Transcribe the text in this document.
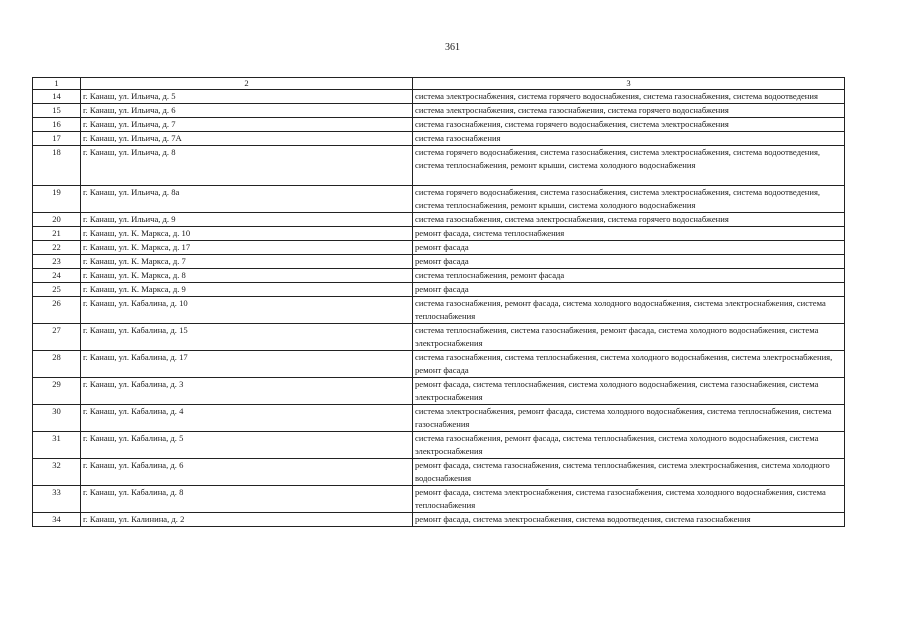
361
1	2	3
14	г. Канаш, ул. Ильича, д. 5	система электроснабжения, система горячего водоснабжения, система газоснабжения, система водоотведения
15	г. Канаш, ул. Ильича, д. 6	система электроснабжения, система газоснабжения, система горячего водоснабжения
16	г. Канаш, ул. Ильича, д. 7	система газоснабжения, система горячего водоснабжения, система электроснабжения
17	г. Канаш, ул. Ильича, д. 7А	система газоснабжения
18	г. Канаш, ул. Ильича, д. 8	система горячего водоснабжения, система газоснабжения, система электроснабжения, система водоотведения, система теплоснабжения, ремонт крыши, система холодного водоснабжения
19	г. Канаш, ул. Ильича, д. 8а	система горячего водоснабжения, система газоснабжения, система электроснабжения, система водоотведения, система теплоснабжения, ремонт крыши, система холодного водоснабжения
20	г. Канаш, ул. Ильича, д. 9	система газоснабжения, система электроснабжения, система горячего водоснабжения
21	г. Канаш, ул. К. Маркса, д. 10	ремонт фасада, система теплоснабжения
22	г. Канаш, ул. К. Маркса, д. 17	ремонт фасада
23	г. Канаш, ул. К. Маркса, д. 7	ремонт фасада
24	г. Канаш, ул. К. Маркса, д. 8	система теплоснабжения, ремонт фасада
25	г. Канаш, ул. К. Маркса, д. 9	ремонт фасада
26	г. Канаш, ул. Кабалина, д. 10	система газоснабжения, ремонт фасада, система холодного водоснабжения, система электроснабжения, система теплоснабжения
27	г. Канаш, ул. Кабалина, д. 15	система теплоснабжения, система газоснабжения, ремонт фасада, система холодного водоснабжения, система электроснабжения
28	г. Канаш, ул. Кабалина, д. 17	система газоснабжения, система теплоснабжения, система холодного водоснабжения, система электроснабжения, ремонт фасада
29	г. Канаш, ул. Кабалина, д. 3	ремонт фасада, система теплоснабжения, система холодного водоснабжения, система газоснабжения, система электроснабжения
30	г. Канаш, ул. Кабалина, д. 4	система электроснабжения, ремонт фасада, система холодного водоснабжения, система теплоснабжения, система газоснабжения
31	г. Канаш, ул. Кабалина, д. 5	система газоснабжения, ремонт фасада, система теплоснабжения, система холодного водоснабжения, система электроснабжения
32	г. Канаш, ул. Кабалина, д. 6	ремонт фасада, система газоснабжения, система теплоснабжения, система электроснабжения, система холодного водоснабжения
33	г. Канаш, ул. Кабалина, д. 8	ремонт фасада, система электроснабжения, система газоснабжения, система холодного водоснабжения, система теплоснабжения
34	г. Канаш, ул. Калинина, д. 2	ремонт фасада, система электроснабжения, система водоотведения, система газоснабжения
